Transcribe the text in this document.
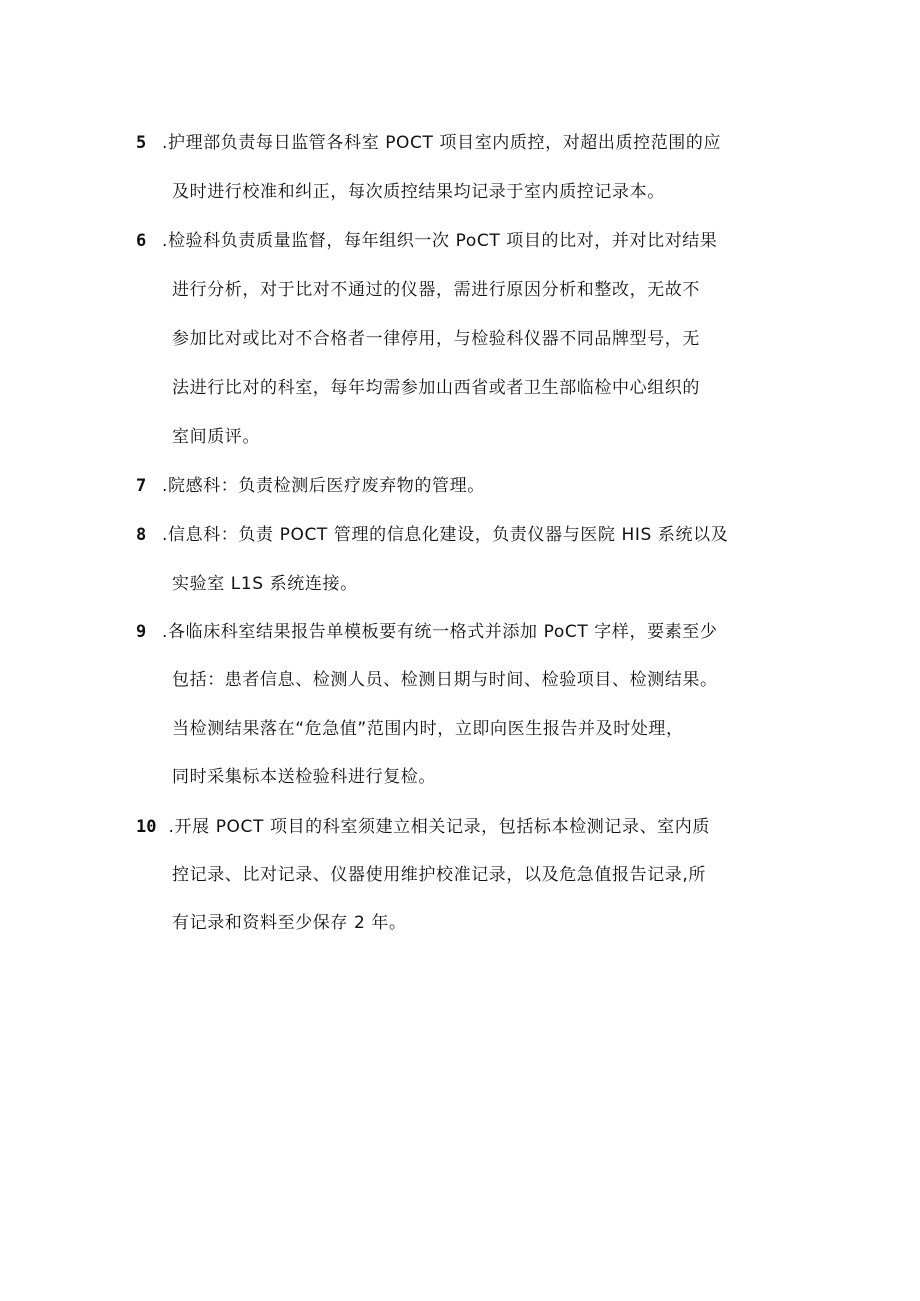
5 .护理部负责每日监管各科室 POCT 项目室内质控，对超出质控范围的应
及时进行校准和纠正，每次质控结果均记录于室内质控记录本。
6 .检验科负责质量监督，每年组织一次 PoCT 项目的比对，并对比对结果
进行分析，对于比对不通过的仪器，需进行原因分析和整改，无故不
参加比对或比对不合格者一律停用，与检验科仪器不同品牌型号，无
法进行比对的科室，每年均需参加山西省或者卫生部临检中心组织的
室间质评。
7 .院感科：负责检测后医疗废弃物的管理。
8 .信息科：负责 POCT 管理的信息化建设，负责仪器与医院 HIS 系统以及
实验室 L1S 系统连接。
9 .各临床科室结果报告单模板要有统一格式并添加 PoCT 字样，要素至少
包括：患者信息、检测人员、检测日期与时间、检验项目、检测结果。
当检测结果落在“危急值”范围内时，立即向医生报告并及时处理，
同时采集标本送检验科进行复检。
10 .开展 POCT 项目的科室须建立相关记录，包括标本检测记录、室内质
控记录、比对记录、仪器使用维护校准记录，以及危急值报告记录,所
有记录和资料至少保存 2 年。
